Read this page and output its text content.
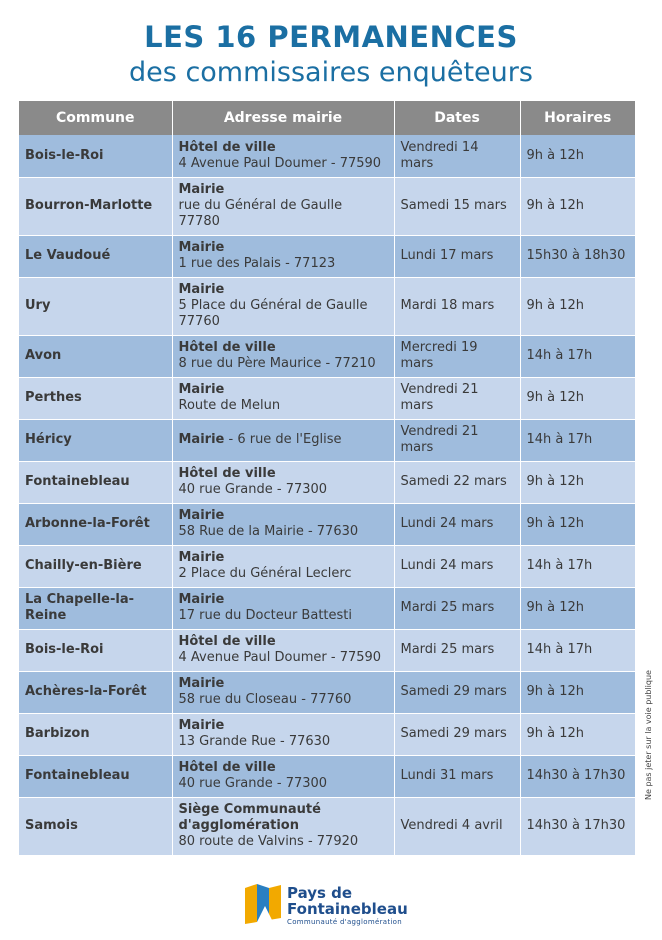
LES 16 PERMANENCES
des commissaires enquêteurs
Commune	Adresse mairie	Dates	Horaires
Bois-le-Roi	Hôtel de ville
4 Avenue Paul Doumer - 77590	Vendredi 14 mars	9h à 12h
Bourron-Marlotte	Mairie
rue du Général de Gaulle
77780	Samedi 15 mars	9h à 12h
Le Vaudoué	Mairie
1 rue des Palais - 77123	Lundi 17 mars	15h30 à 18h30
Ury	Mairie
5 Place du Général de Gaulle
77760	Mardi 18 mars	9h à 12h
Avon	Hôtel de ville
8 rue du Père Maurice - 77210	Mercredi 19 mars	14h à 17h
Perthes	Mairie
Route de Melun	Vendredi 21 mars	9h à 12h
Héricy	Mairie - 6 rue de l'Eglise	Vendredi 21 mars	14h à 17h
Fontainebleau	Hôtel de ville
40 rue Grande - 77300	Samedi 22 mars	9h à 12h
Arbonne-la-Forêt	Mairie
58 Rue de la Mairie - 77630	Lundi 24 mars	9h à 12h
Chailly-en-Bière	Mairie
2 Place du Général Leclerc	Lundi 24 mars	14h à 17h
La Chapelle-la-Reine	Mairie
17 rue du Docteur Battesti	Mardi 25 mars	9h à 12h
Bois-le-Roi	Hôtel de ville
4 Avenue Paul Doumer - 77590	Mardi 25 mars	14h à 17h
Achères-la-Forêt	Mairie
58 rue du Closeau - 77760	Samedi 29 mars	9h à 12h
Barbizon	Mairie
13 Grande Rue - 77630	Samedi 29 mars	9h à 12h
Fontainebleau	Hôtel de ville
40 rue Grande - 77300	Lundi 31 mars	14h30 à 17h30
Samois	Siège Communauté
d'agglomération
80 route de Valvins - 77920	Vendredi 4 avril	14h30 à 17h30
Ne pas jeter sur la voie publique
Pays de
Fontainebleau
Communauté d'agglomération
